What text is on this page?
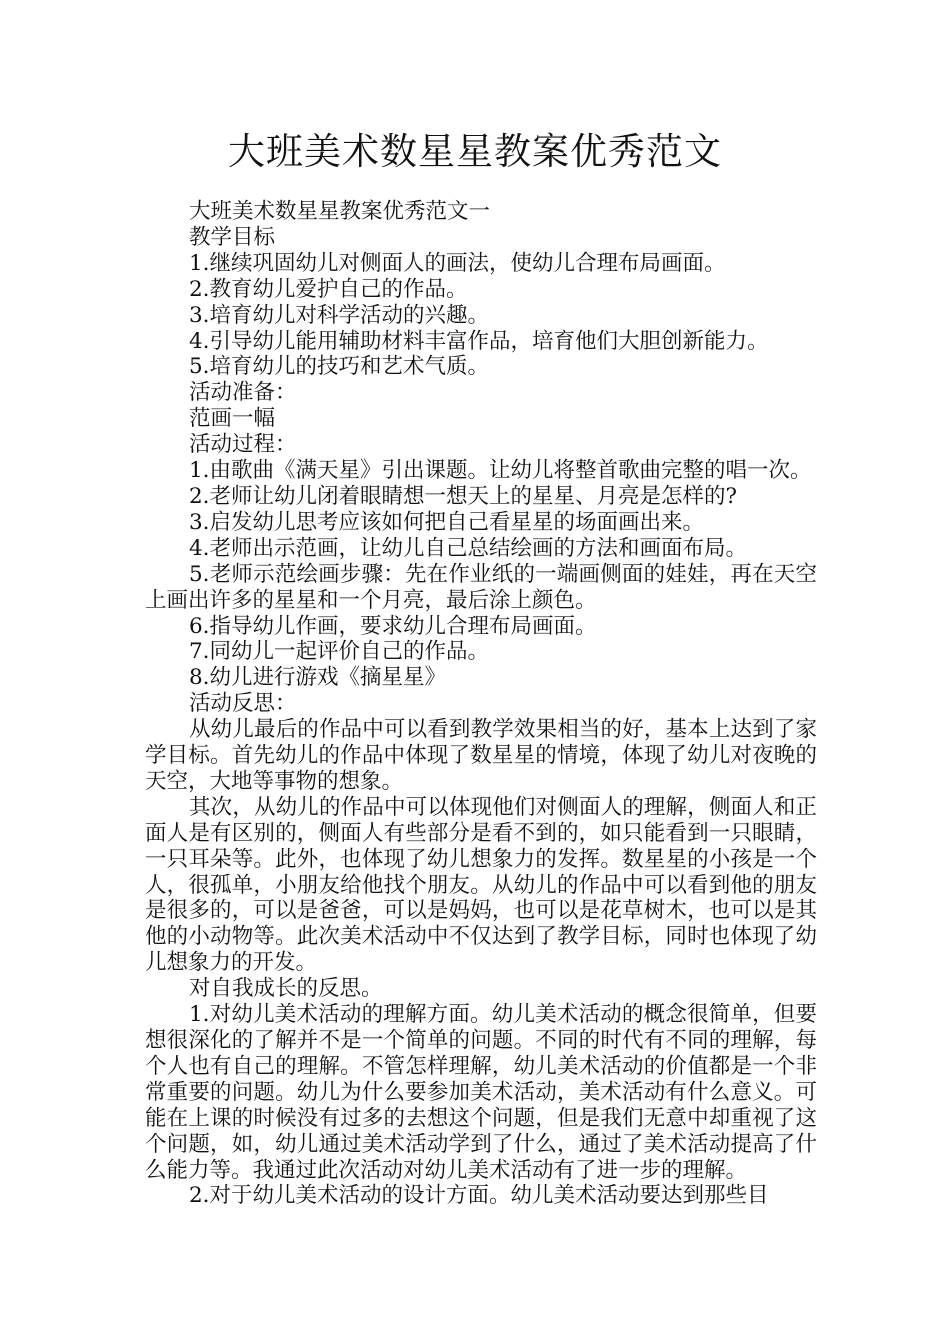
大班美术数星星教案优秀范文

大班美术数星星教案优秀范文一

教学目标

1.继续巩固幼儿对侧面人的画法，使幼儿合理布局画面。

2.教育幼儿爱护自己的作品。

3.培育幼儿对科学活动的兴趣。

4.引导幼儿能用辅助材料丰富作品，培育他们大胆创新能力。

5.培育幼儿的技巧和艺术气质。

活动准备：

范画一幅

活动过程：

1.由歌曲《满天星》引出课题。让幼儿将整首歌曲完整的唱一次。

2.老师让幼儿闭着眼睛想一想天上的星星、月亮是怎样的?

3.启发幼儿思考应该如何把自己看星星的场面画出来。

4.老师出示范画，让幼儿自己总结绘画的方法和画面布局。

5.老师示范绘画步骤：先在作业纸的一端画侧面的娃娃，再在天空上画出许多的星星和一个月亮，最后涂上颜色。

6.指导幼儿作画，要求幼儿合理布局画面。

7.同幼儿一起评价自己的作品。

8.幼儿进行游戏《摘星星》

活动反思：

从幼儿最后的作品中可以看到教学效果相当的好，基本上达到了家学目标。首先幼儿的作品中体现了数星星的情境，体现了幼儿对夜晚的天空，大地等事物的想象。

其次，从幼儿的作品中可以体现他们对侧面人的理解，侧面人和正面人是有区别的，侧面人有些部分是看不到的，如只能看到一只眼睛，一只耳朵等。此外，也体现了幼儿想象力的发挥。数星星的小孩是一个人，很孤单，小朋友给他找个朋友。从幼儿的作品中可以看到他的朋友是很多的，可以是爸爸，可以是妈妈，也可以是花草树木，也可以是其他的小动物等。此次美术活动中不仅达到了教学目标，同时也体现了幼儿想象力的开发。

对自我成长的反思。

1.对幼儿美术活动的理解方面。幼儿美术活动的概念很简单，但要想很深化的了解并不是一个简单的问题。不同的时代有不同的理解，每个人也有自己的理解。不管怎样理解，幼儿美术活动的价值都是一个非常重要的问题。幼儿为什么要参加美术活动，美术活动有什么意义。可能在上课的时候没有过多的去想这个问题，但是我们无意中却重视了这个问题，如，幼儿通过美术活动学到了什么，通过了美术活动提高了什么能力等。我通过此次活动对幼儿美术活动有了进一步的理解。

2.对于幼儿美术活动的设计方面。幼儿美术活动要达到那些目
